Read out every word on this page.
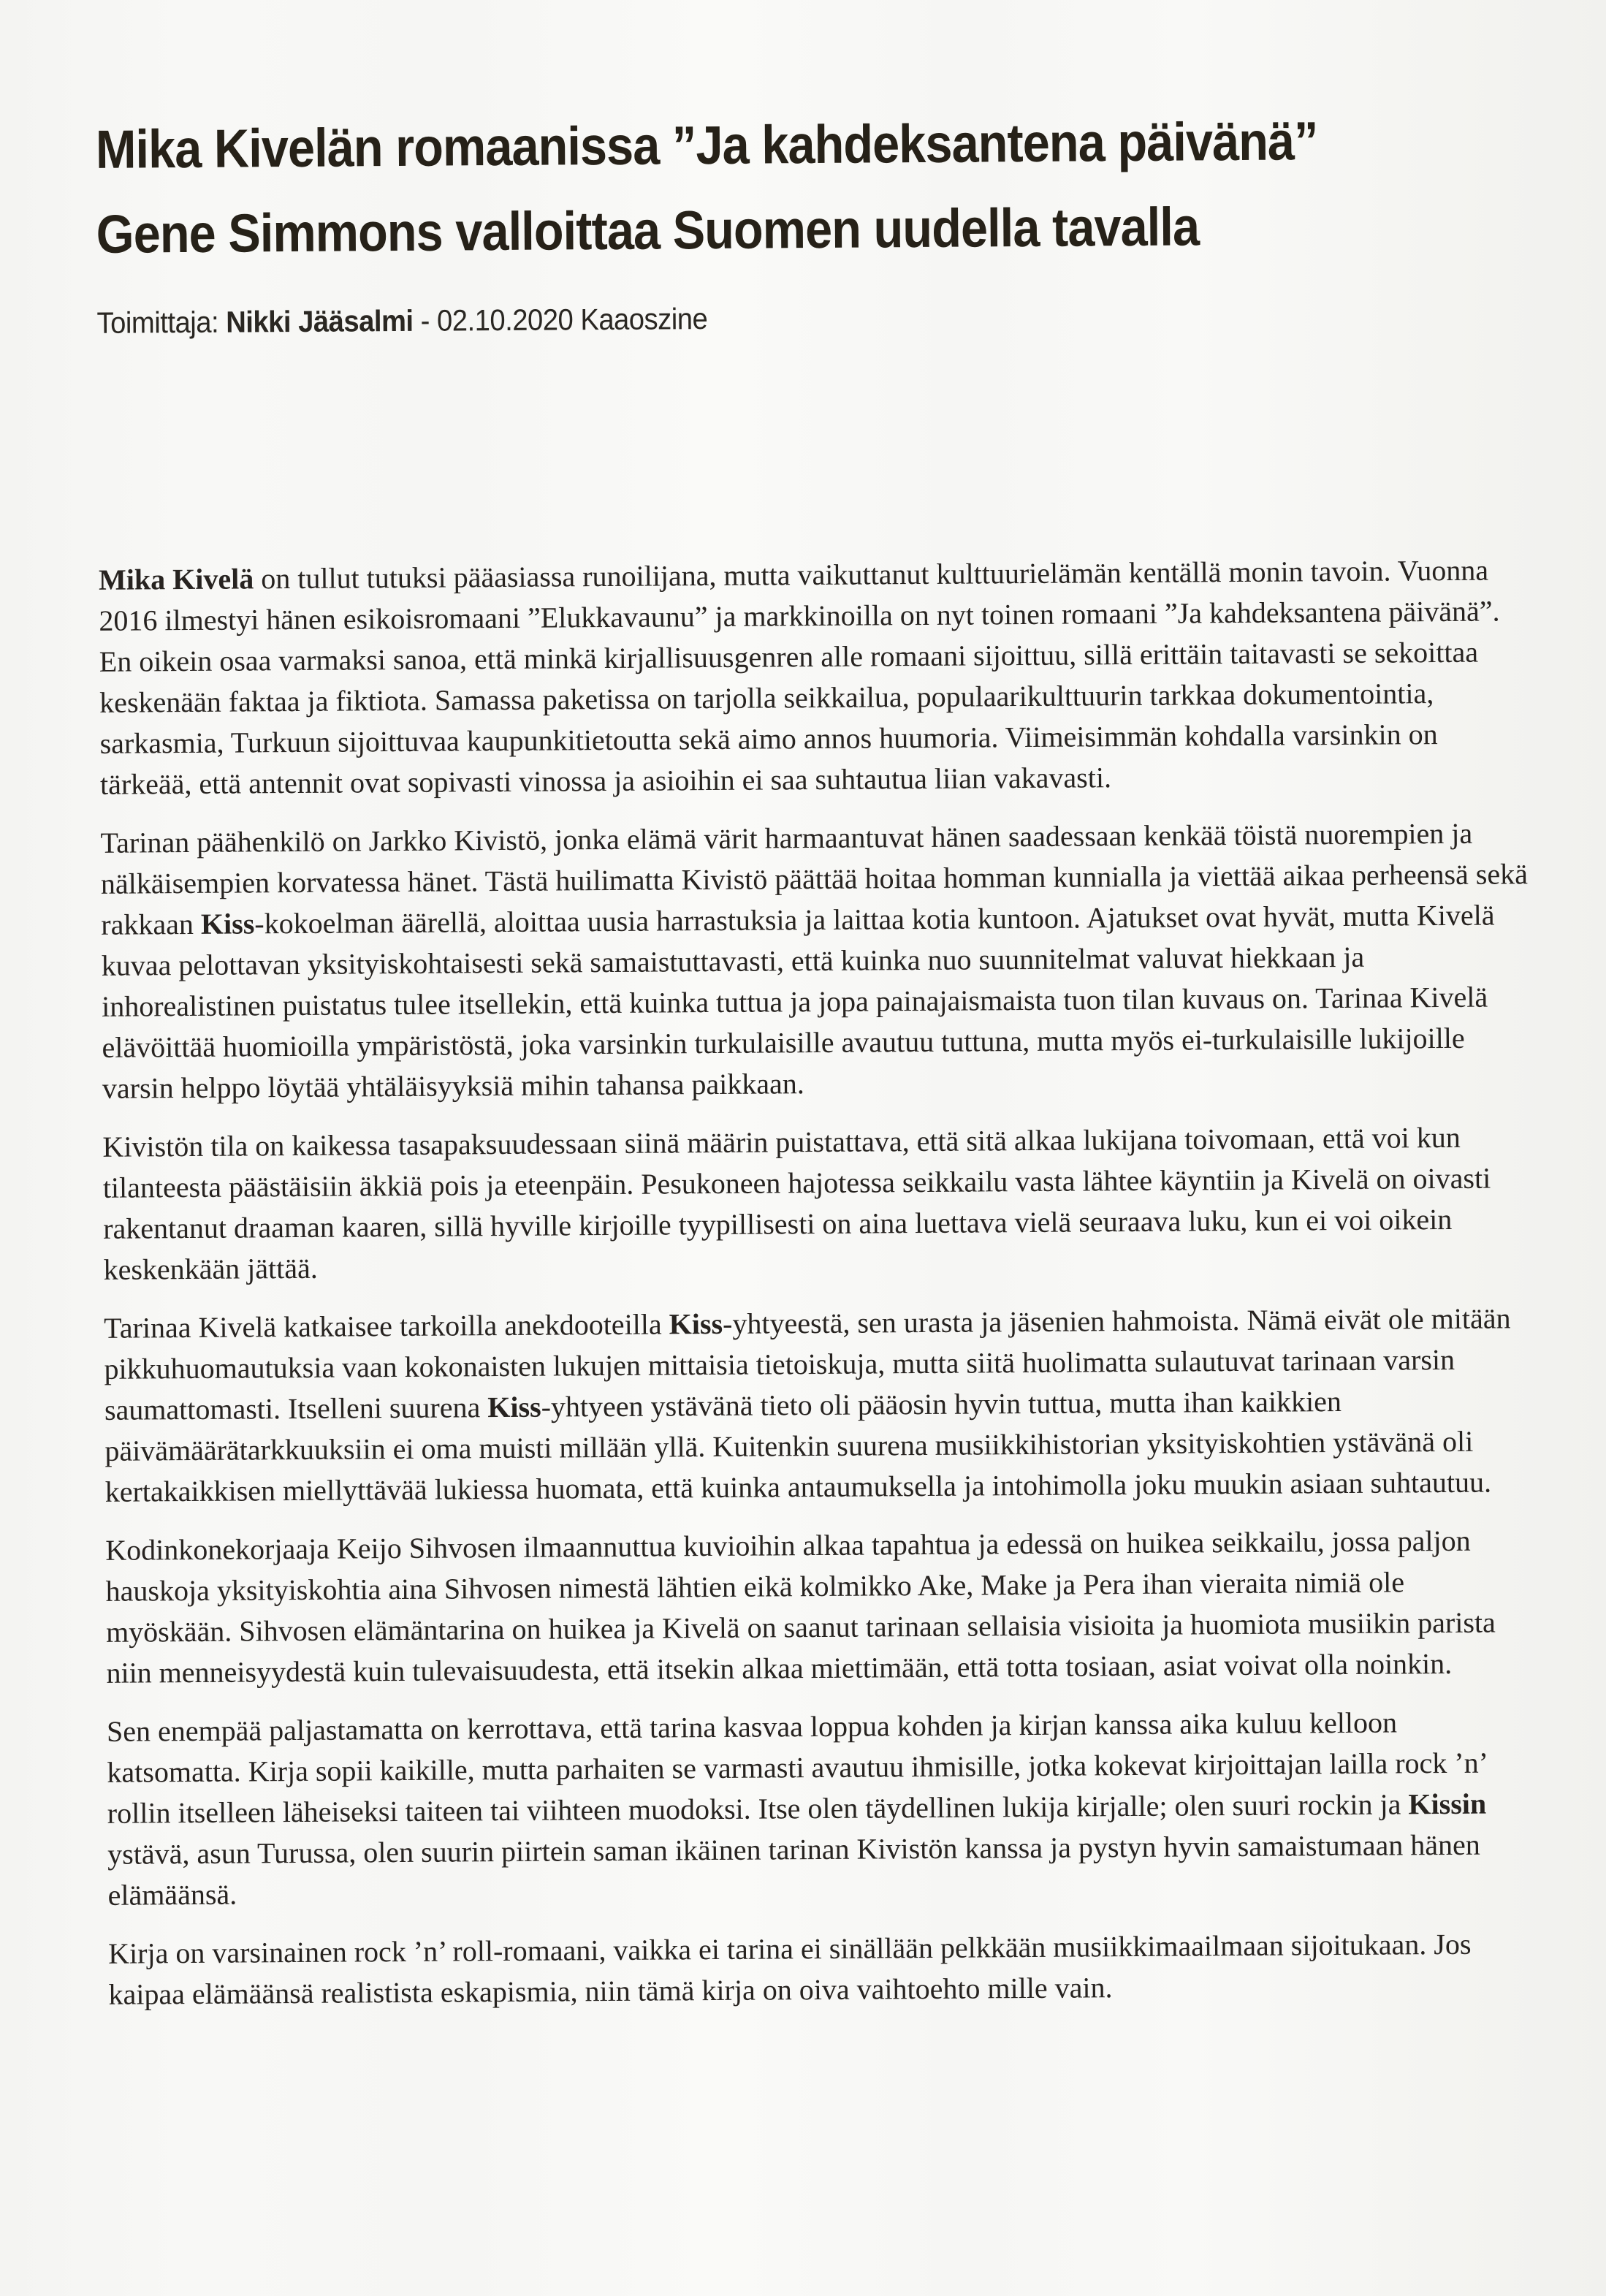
Mika Kivelän romaanissa ”Ja kahdeksantena päivänä”
Gene Simmons valloittaa Suomen uudella tavalla
Toimittaja: Nikki Jääsalmi - 02.10.2020 Kaaoszine

Mika Kivelä on tullut tutuksi pääasiassa runoilijana, mutta vaikuttanut kulttuurielämän kentällä monin tavoin. Vuonna 2016 ilmestyi hänen esikoisromaani ”Elukkavaunu” ja markkinoilla on nyt toinen romaani ”Ja kahdeksantena päivänä”. En oikein osaa varmaksi sanoa, että minkä kirjallisuusgenren alle romaani sijoittuu, sillä erittäin taitavasti se sekoittaa keskenään faktaa ja fiktiota. Samassa paketissa on tarjolla seikkailua, populaarikulttuurin tarkkaa dokumentointia, sarkasmia, Turkuun sijoittuvaa kaupunkitietoutta sekä aimo annos huumoria. Viimeisimmän kohdalla varsinkin on tärkeää, että antennit ovat sopivasti vinossa ja asioihin ei saa suhtautua liian vakavasti.

Tarinan päähenkilö on Jarkko Kivistö, jonka elämä värit harmaantuvat hänen saadessaan kenkää töistä nuorempien ja nälkäisempien korvatessa hänet. Tästä huilimatta Kivistö päättää hoitaa homman kunnialla ja viettää aikaa perheensä sekä rakkaan Kiss-kokoelman äärellä, aloittaa uusia harrastuksia ja laittaa kotia kuntoon. Ajatukset ovat hyvät, mutta Kivelä kuvaa pelottavan yksityiskohtaisesti sekä samaistuttavasti, että kuinka nuo suunnitelmat valuvat hiekkaan ja inhorealistinen puistatus tulee itsellekin, että kuinka tuttua ja jopa painajaismaista tuon tilan kuvaus on. Tarinaa Kivelä elävöittää huomioilla ympäristöstä, joka varsinkin turkulaisille avautuu tuttuna, mutta myös ei-turkulaisille lukijoille varsin helppo löytää yhtäläisyyksiä mihin tahansa paikkaan.

Kivistön tila on kaikessa tasapaksuudessaan siinä määrin puistattava, että sitä alkaa lukijana toivomaan, että voi kun tilanteesta päästäisiin äkkiä pois ja eteenpäin. Pesukoneen hajotessa seikkailu vasta lähtee käyntiin ja Kivelä on oivasti rakentanut draaman kaaren, sillä hyville kirjoille tyypillisesti on aina luettava vielä seuraava luku, kun ei voi oikein keskenkään jättää.

Tarinaa Kivelä katkaisee tarkoilla anekdooteilla Kiss-yhtyeestä, sen urasta ja jäsenien hahmoista. Nämä eivät ole mitään pikkuhuomautuksia vaan kokonaisten lukujen mittaisia tietoiskuja, mutta siitä huolimatta sulautuvat tarinaan varsin saumattomasti. Itselleni suurena Kiss-yhtyeen ystävänä tieto oli pääosin hyvin tuttua, mutta ihan kaikkien päivämäärätarkkuuksiin ei oma muisti millään yllä. Kuitenkin suurena musiikkihistorian yksityiskohtien ystävänä oli kertakaikkisen miellyttävää lukiessa huomata, että kuinka antaumuksella ja intohimolla joku muukin asiaan suhtautuu.

Kodinkonekorjaaja Keijo Sihvosen ilmaannuttua kuvioihin alkaa tapahtua ja edessä on huikea seikkailu, jossa paljon hauskoja yksityiskohtia aina Sihvosen nimestä lähtien eikä kolmikko Ake, Make ja Pera ihan vieraita nimiä ole myöskään. Sihvosen elämäntarina on huikea ja Kivelä on saanut tarinaan sellaisia visioita ja huomiota musiikin parista niin menneisyydestä kuin tulevaisuudesta, että itsekin alkaa miettimään, että totta tosiaan, asiat voivat olla noinkin.

Sen enempää paljastamatta on kerrottava, että tarina kasvaa loppua kohden ja kirjan kanssa aika kuluu kelloon katsomatta. Kirja sopii kaikille, mutta parhaiten se varmasti avautuu ihmisille, jotka kokevat kirjoittajan lailla rock ’n’ rollin itselleen läheiseksi taiteen tai viihteen muodoksi. Itse olen täydellinen lukija kirjalle; olen suuri rockin ja Kissin ystävä, asun Turussa, olen suurin piirtein saman ikäinen tarinan Kivistön kanssa ja pystyn hyvin samaistumaan hänen elämäänsä.

Kirja on varsinainen rock ’n’ roll-romaani, vaikka ei tarina ei sinällään pelkkään musiikkimaailmaan sijoitukaan. Jos kaipaa elämäänsä realistista eskapismia, niin tämä kirja on oiva vaihtoehto mille vain.
